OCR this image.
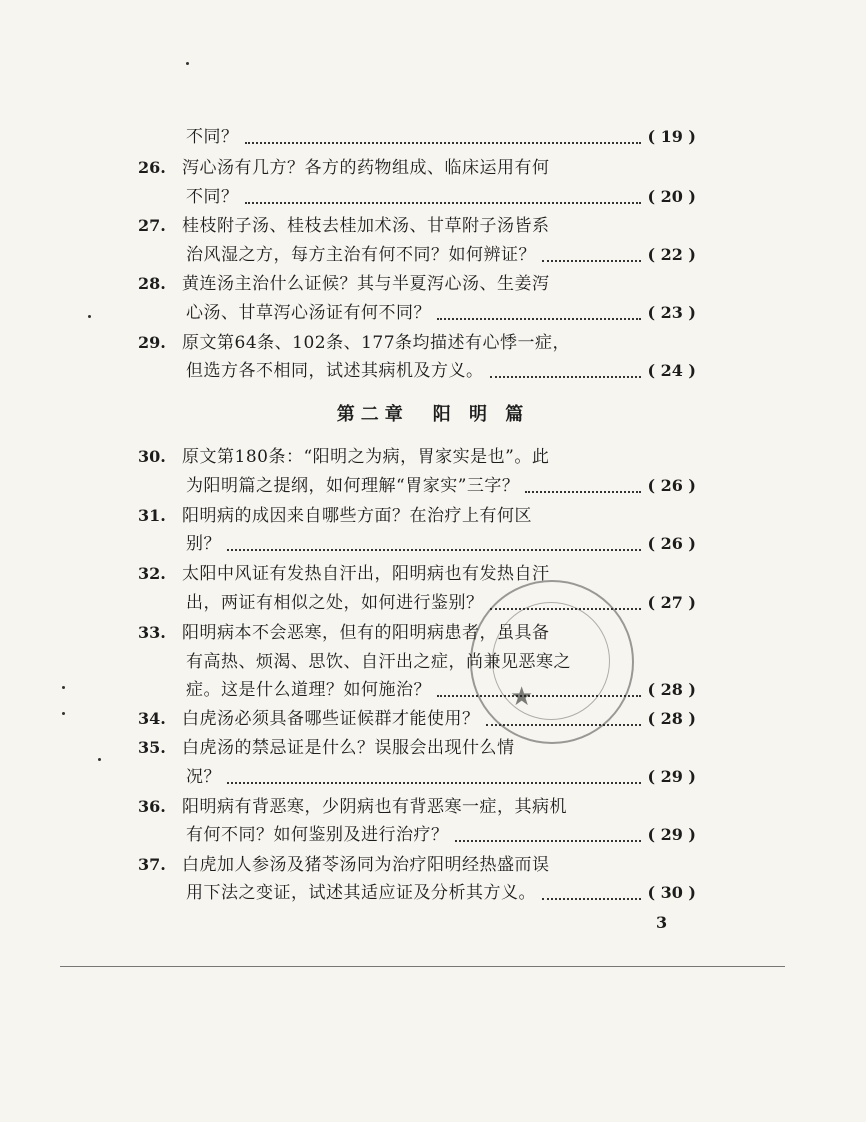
不同？	( 19 )
26. 泻心汤有几方？各方的药物组成、临床运用有何
不同？	( 20 )
27. 桂枝附子汤、桂枝去桂加术汤、甘草附子汤皆系
治风湿之方，每方主治有何不同？如何辨证？	( 22 )
28. 黄连汤主治什么证候？其与半夏泻心汤、生姜泻
心汤、甘草泻心汤证有何不同？	( 23 )
29. 原文第64条、102条、177条均描述有心悸一症，
但选方各不相同，试述其病机及方义。	( 24 )
第二章　阳 明 篇
30. 原文第180条：“阳明之为病，胃家实是也”。此
为阳明篇之提纲，如何理解“胃家实”三字？	( 26 )
31. 阳明病的成因来自哪些方面？在治疗上有何区
别？	( 26 )
32. 太阳中风证有发热自汗出，阳明病也有发热自汗
出，两证有相似之处，如何进行鉴别？	( 27 )
33. 阳明病本不会恶寒，但有的阳明病患者，虽具备
有高热、烦渴、思饮、自汗出之症，尚兼见恶寒之
症。这是什么道理？如何施治？	( 28 )
34. 白虎汤必须具备哪些证候群才能使用？	( 28 )
35. 白虎汤的禁忌证是什么？误服会出现什么情
况？	( 29 )
36. 阳明病有背恶寒，少阴病也有背恶寒一症，其病机
有何不同？如何鉴别及进行治疗？	( 29 )
37. 白虎加人参汤及猪苓汤同为治疗阳明经热盛而误
用下法之变证，试述其适应证及分析其方义。	( 30 )
★
3
